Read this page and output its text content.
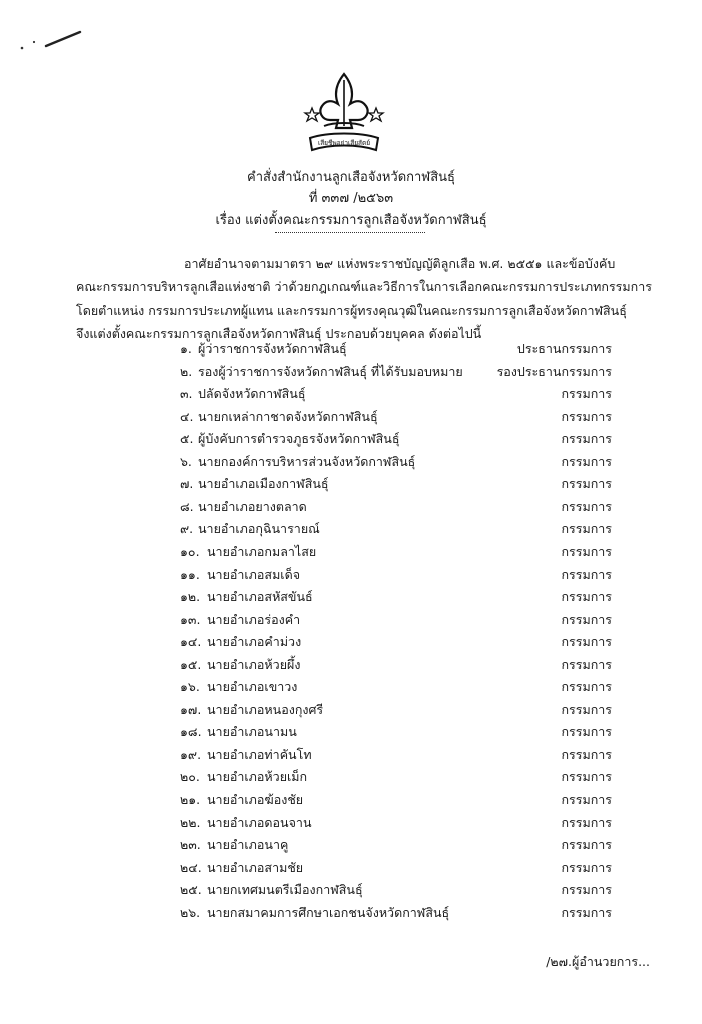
เสียชีพอย่าเสียสัตย์
คำสั่งสำนักงานลูกเสือจังหวัดกาฬสินธุ์
ที่ ๓๓๗ /๒๕๖๓
เรื่อง แต่งตั้งคณะกรรมการลูกเสือจังหวัดกาฬสินธุ์
อาศัยอำนาจตามมาตรา ๒๙ แห่งพระราชบัญญัติลูกเสือ พ.ศ. ๒๕๕๑ และข้อบังคับ
คณะกรรมการบริหารลูกเสือแห่งชาติ ว่าด้วยกฎเกณฑ์และวิธีการในการเลือกคณะกรรมการประเภทกรรมการ
โดยตำแหน่ง กรรมการประเภทผู้แทน และกรรมการผู้ทรงคุณวุฒิในคณะกรรมการลูกเสือจังหวัดกาฬสินธุ์
จึงแต่งตั้งคณะกรรมการลูกเสือจังหวัดกาฬสินธุ์ ประกอบด้วยบุคคล ดังต่อไปนี้
๑. ผู้ว่าราชการจังหวัดกาฬสินธุ์	ประธานกรรมการ
๒. รองผู้ว่าราชการจังหวัดกาฬสินธุ์ ที่ได้รับมอบหมาย	รองประธานกรรมการ
๓. ปลัดจังหวัดกาฬสินธุ์	กรรมการ
๔. นายกเหล่ากาชาดจังหวัดกาฬสินธุ์	กรรมการ
๕. ผู้บังคับการตำรวจภูธรจังหวัดกาฬสินธุ์	กรรมการ
๖. นายกองค์การบริหารส่วนจังหวัดกาฬสินธุ์	กรรมการ
๗. นายอำเภอเมืองกาฬสินธุ์	กรรมการ
๘. นายอำเภอยางตลาด	กรรมการ
๙. นายอำเภอกุฉินารายณ์	กรรมการ
๑๐. นายอำเภอกมลาไสย	กรรมการ
๑๑. นายอำเภอสมเด็จ	กรรมการ
๑๒. นายอำเภอสหัสขันธ์	กรรมการ
๑๓. นายอำเภอร่องคำ	กรรมการ
๑๔. นายอำเภอคำม่วง	กรรมการ
๑๕. นายอำเภอห้วยผึ้ง	กรรมการ
๑๖. นายอำเภอเขาวง	กรรมการ
๑๗. นายอำเภอหนองกุงศรี	กรรมการ
๑๘. นายอำเภอนามน	กรรมการ
๑๙. นายอำเภอท่าคันโท	กรรมการ
๒๐. นายอำเภอห้วยเม็ก	กรรมการ
๒๑. นายอำเภอฆ้องชัย	กรรมการ
๒๒. นายอำเภอดอนจาน	กรรมการ
๒๓. นายอำเภอนาคู	กรรมการ
๒๔. นายอำเภอสามชัย	กรรมการ
๒๕. นายกเทศมนตรีเมืองกาฬสินธุ์	กรรมการ
๒๖. นายกสมาคมการศึกษาเอกชนจังหวัดกาฬสินธุ์	กรรมการ
/๒๗.ผู้อำนวยการ...
